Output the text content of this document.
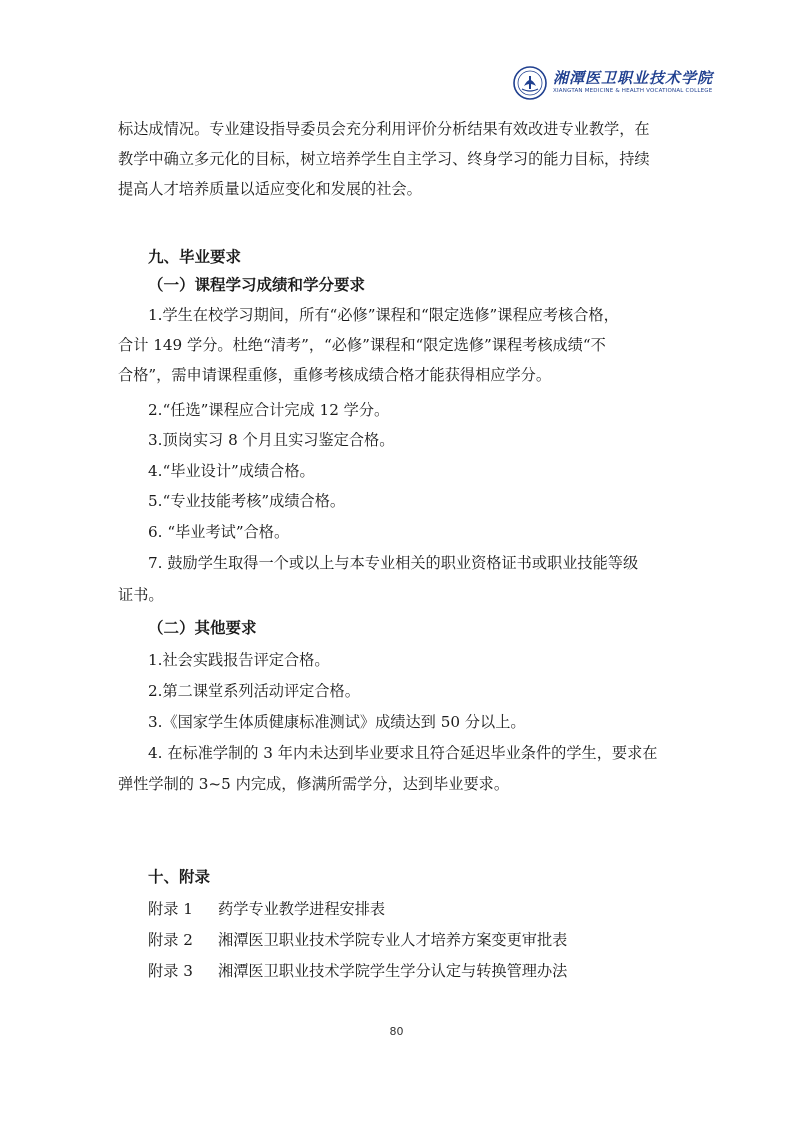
湘潭医卫职业技术学院
XIANGTAN MEDICINE & HEALTH VOCATIONAL COLLEGE
标达成情况。专业建设指导委员会充分利用评价分析结果有效改进专业教学，在
教学中确立多元化的目标，树立培养学生自主学习、终身学习的能力目标，持续
提高人才培养质量以适应变化和发展的社会。
九、毕业要求
（一）课程学习成绩和学分要求
1.学生在校学习期间，所有“必修”课程和“限定选修”课程应考核合格，
合计 149 学分。杜绝“清考”，“必修”课程和“限定选修”课程考核成绩“不
合格”，需申请课程重修，重修考核成绩合格才能获得相应学分。
2.“任选”课程应合计完成 12 学分。
3.顶岗实习 8 个月且实习鉴定合格。
4.“毕业设计”成绩合格。
5.“专业技能考核”成绩合格。
6. “毕业考试”合格。
7. 鼓励学生取得一个或以上与本专业相关的职业资格证书或职业技能等级
证书。
（二）其他要求
1.社会实践报告评定合格。
2.第二课堂系列活动评定合格。
3.《国家学生体质健康标准测试》成绩达到 50 分以上。
4. 在标准学制的 3 年内未达到毕业要求且符合延迟毕业条件的学生，要求在
弹性学制的 3~5 内完成，修满所需学分，达到毕业要求。
十、附录
附录 1 药学专业教学进程安排表
附录 2 湘潭医卫职业技术学院专业人才培养方案变更审批表
附录 3 湘潭医卫职业技术学院学生学分认定与转换管理办法
80
